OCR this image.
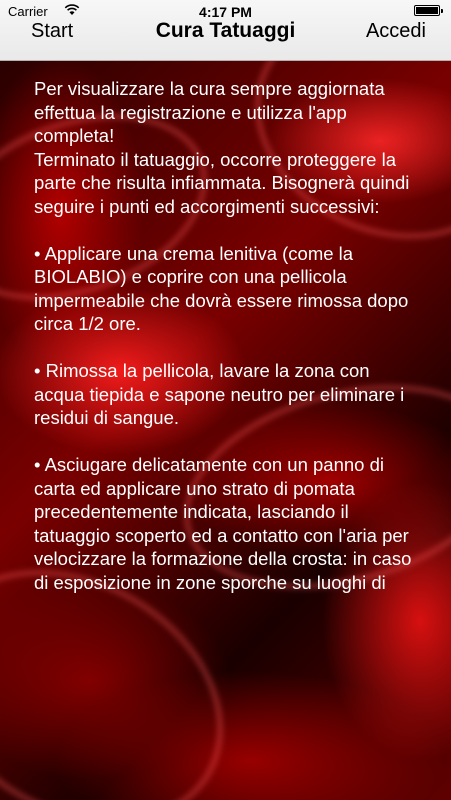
Carrier	4:17 PM
Start	Cura Tatuaggi	Accedi
Per visualizzare la cura sempre aggiornata effettua la registrazione e utilizza l'app completa!
Terminato il tatuaggio, occorre proteggere la parte che risulta infiammata. Bisognerà quindi seguire i punti ed accorgimenti successivi:

• Applicare una crema lenitiva (come la BIOLABIO) e coprire con una pellicola impermeabile che dovrà essere rimossa dopo circa 1/2 ore.

• Rimossa la pellicola, lavare la zona con acqua tiepida e sapone neutro per eliminare i residui di sangue.

• Asciugare delicatamente con un panno di carta ed applicare uno strato di pomata precedentemente indicata, lasciando il tatuaggio scoperto ed a contatto con l'aria per velocizzare la formazione della crosta: in caso di esposizione in zone sporche su luoghi di
